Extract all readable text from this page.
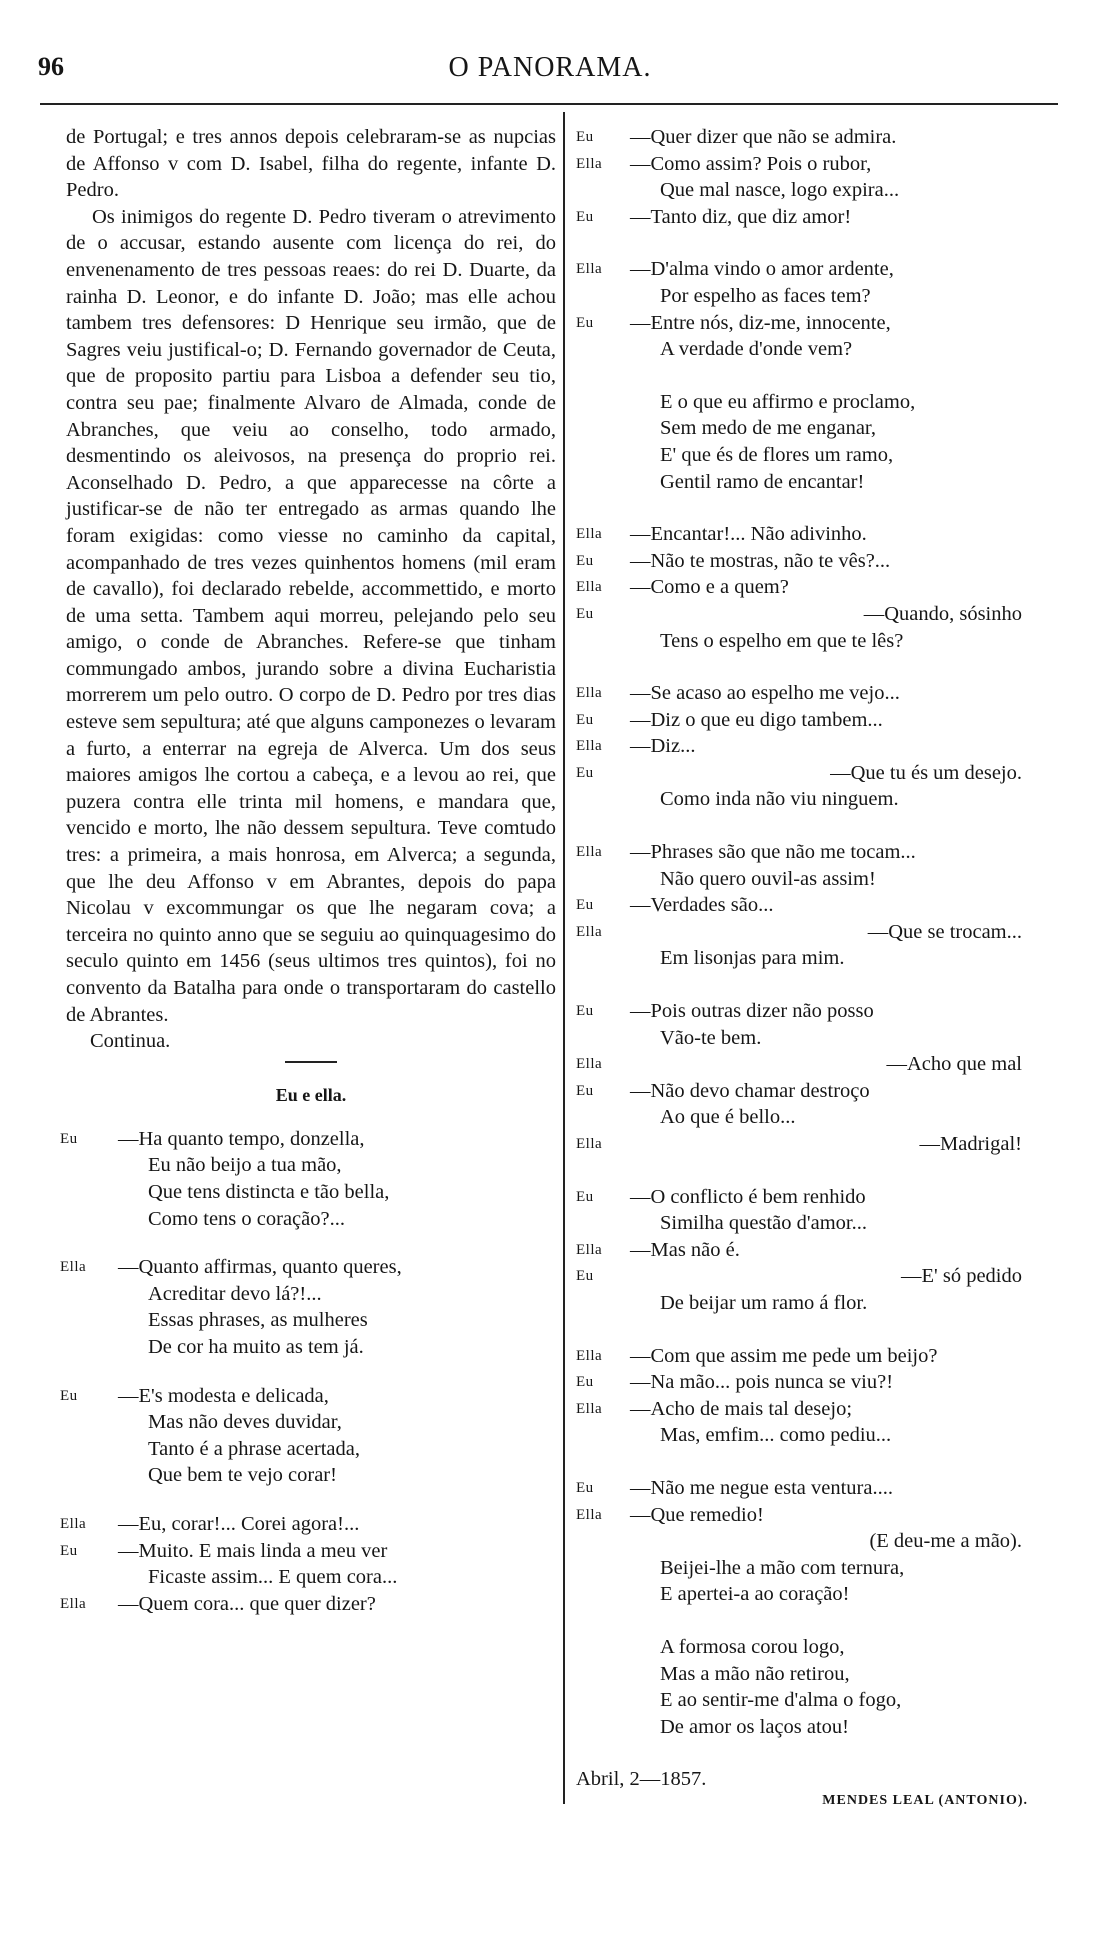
96	O PANORAMA.

de Portugal; e tres annos depois celebraram-se as nupcias de Affonso v com D. Isabel, filha do regente, infante D. Pedro.

Os inimigos do regente D. Pedro tiveram o atrevimento de o accusar, estando ausente com licença do rei, do envenenamento de tres pessoas reaes: do rei D. Duarte, da rainha D. Leonor, e do infante D. João; mas elle achou tambem tres defensores: D Henrique seu irmão, que de Sagres veiu justifical-o; D. Fernando governador de Ceuta, que de proposito partiu para Lisboa a defender seu tio, contra seu pae; finalmente Alvaro de Almada, conde de Abranches, que veiu ao conselho, todo armado, desmentindo os aleivosos, na presença do proprio rei. Aconselhado D. Pedro, a que apparecesse na côrte a justificar-se de não ter entregado as armas quando lhe foram exigidas: como viesse no caminho da capital, acompanhado de tres vezes quinhentos homens (mil eram de cavallo), foi declarado rebelde, accommettido, e morto de uma setta. Tambem aqui morreu, pelejando pelo seu amigo, o conde de Abranches. Refere-se que tinham commungado ambos, jurando sobre a divina Eucharistia morrerem um pelo outro. O corpo de D. Pedro por tres dias esteve sem sepultura; até que alguns camponezes o levaram a furto, a enterrar na egreja de Alverca. Um dos seus maiores amigos lhe cortou a cabeça, e a levou ao rei, que puzera contra elle trinta mil homens, e mandara que, vencido e morto, lhe não dessem sepultura. Teve comtudo tres: a primeira, a mais honrosa, em Alverca; a segunda, que lhe deu Affonso v em Abrantes, depois do papa Nicolau v excommungar os que lhe negaram cova; a terceira no quinto anno que se seguiu ao quinquagesimo do seculo quinto em 1456 (seus ultimos tres quintos), foi no convento da Batalha para onde o transportaram do castello de Abrantes.

Continua.

Eu e ella.
Eu —Ha quanto tempo, donzella,
Eu não beijo a tua mão,
Que tens distincta e tão bella,
Como tens o coração?...
Ella —Quanto affirmas, quanto queres,
Acreditar devo lá?!...
Essas phrases, as mulheres
De cor ha muito as tem já.
Eu —E's modesta e delicada,
Mas não deves duvidar,
Tanto é a phrase acertada,
Que bem te vejo corar!
Ella —Eu, corar!... Corei agora!...
Eu —Muito. E mais linda a meu ver
Ficaste assim... E quem cora...
Ella —Quem cora... que quer dizer?
Eu —Quer dizer que não se admira.
Ella —Como assim? Pois o rubor,
Que mal nasce, logo expira...
Eu —Tanto diz, que diz amor!
Ella —D'alma vindo o amor ardente,
Por espelho as faces tem?
Eu —Entre nós, diz-me, innocente,
A verdade d'onde vem?
E o que eu affirmo e proclamo,
Sem medo de me enganar,
E' que és de flores um ramo,
Gentil ramo de encantar!
Ella —Encantar!... Não adivinho.
Eu —Não te mostras, não te vês?...
Ella —Como e a quem?
Eu	—Quando, sósinho
Tens o espelho em que te lês?
Ella —Se acaso ao espelho me vejo...
Eu —Diz o que eu digo tambem...
Ella —Diz...
Eu	—Que tu és um desejo.
Como inda não viu ninguem.
Ella —Phrases são que não me tocam...
Não quero ouvil-as assim!
Eu —Verdades são...
Ella	—Que se trocam...
Em lisonjas para mim.
Eu —Pois outras dizer não posso
Vão-te bem.
Ella	—Acho que mal
Eu —Não devo chamar destroço
Ao que é bello...
Ella	—Madrigal!
Eu —O conflicto é bem renhido
Similha questão d'amor...
Ella —Mas não é.
Eu	—E' só pedido
De beijar um ramo á flor.
Ella —Com que assim me pede um beijo?
Eu —Na mão... pois nunca se viu?!
Ella —Acho de mais tal desejo;
Mas, emfim... como pediu...
Eu —Não me negue esta ventura....
Ella —Que remedio!
(E deu-me a mão).
Beijei-lhe a mão com ternura,
E apertei-a ao coração!
A formosa corou logo,
Mas a mão não retirou,
E ao sentir-me d'alma o fogo,
De amor os laços atou!
Abril, 2—1857.
MENDES LEAL (ANTONIO).
